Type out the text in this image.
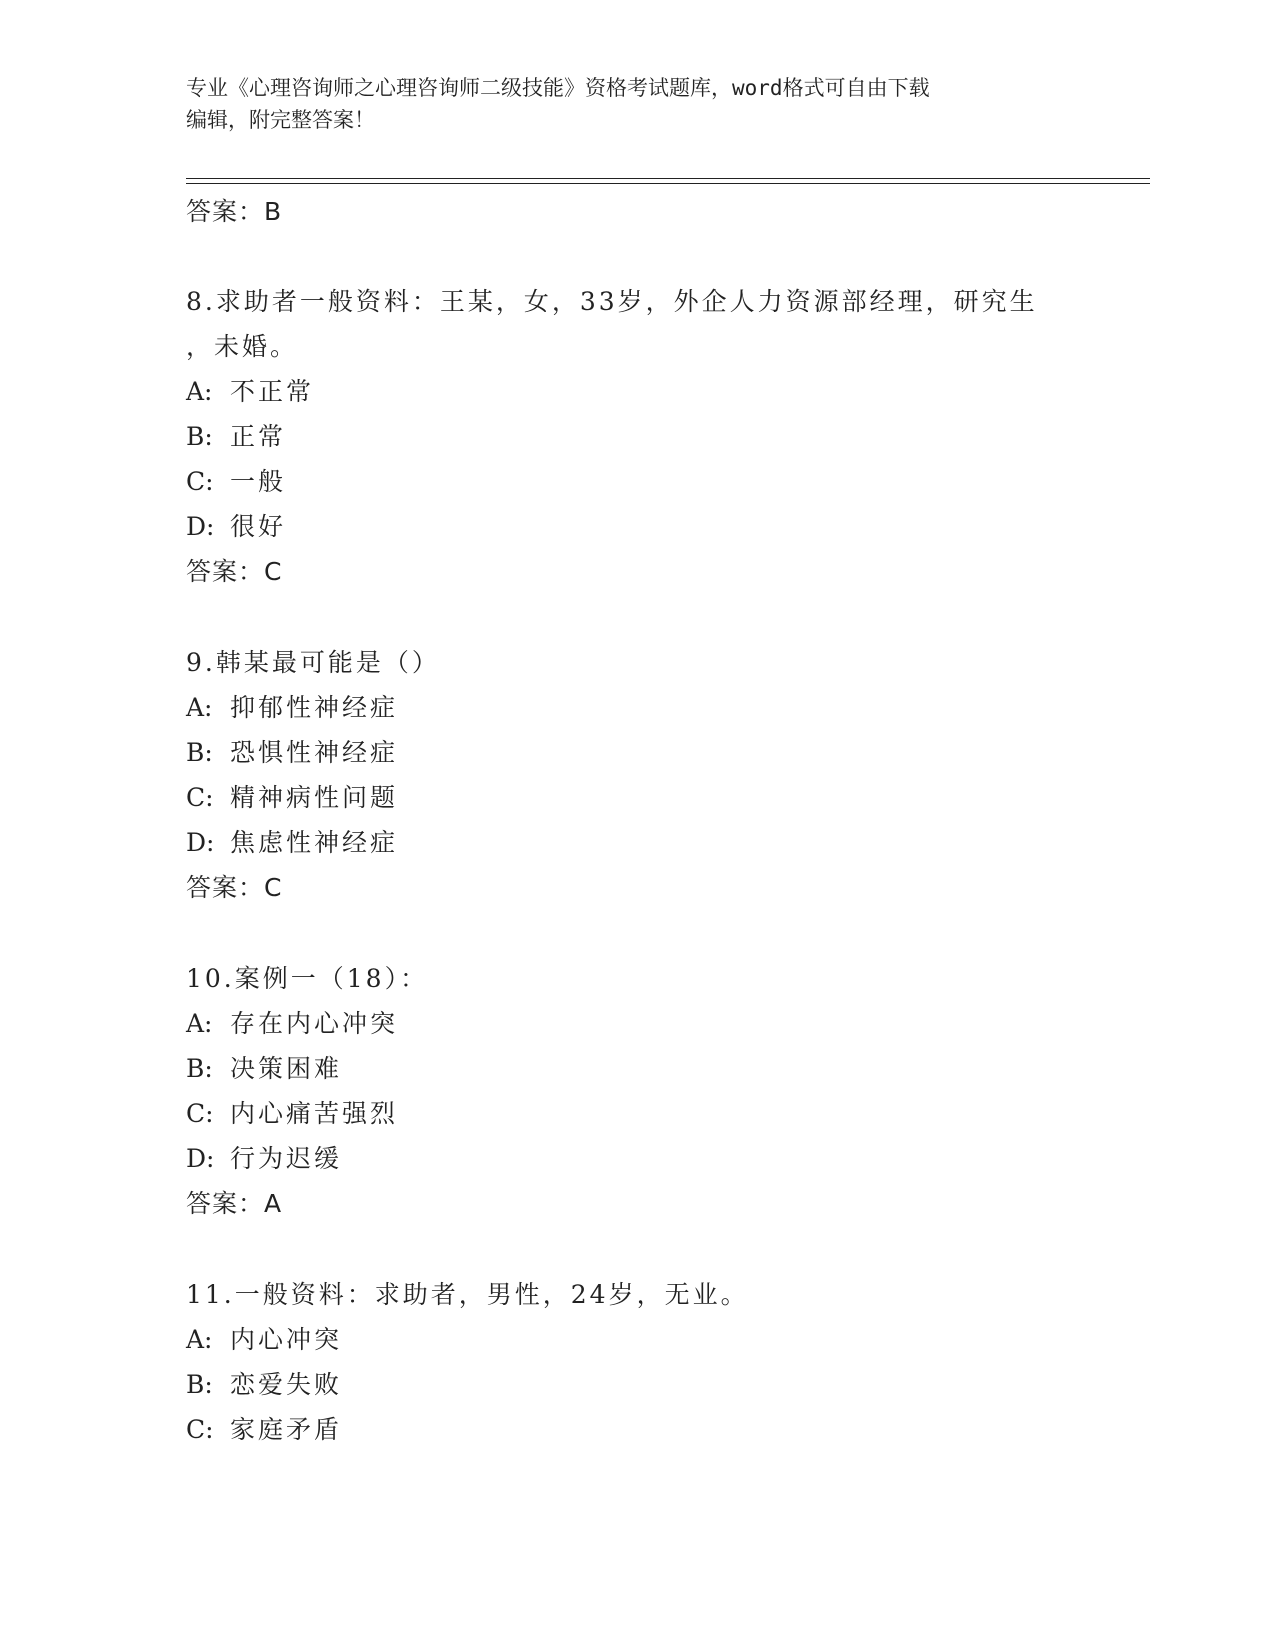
专业《心理咨询师之心理咨询师二级技能》资格考试题库，word格式可自由下载
编辑，附完整答案！
答案：B
8.求助者一般资料：王某，女，33岁，外企人力资源部经理，研究生
，未婚。
A: 不正常
B: 正常
C: 一般
D: 很好
答案：C
9.韩某最可能是（）
A: 抑郁性神经症
B: 恐惧性神经症
C: 精神病性问题
D: 焦虑性神经症
答案：C
10.案例一（18）：
A: 存在内心冲突
B: 决策困难
C: 内心痛苦强烈
D: 行为迟缓
答案：A
11.一般资料：求助者，男性，24岁，无业。
A: 内心冲突
B: 恋爱失败
C: 家庭矛盾
